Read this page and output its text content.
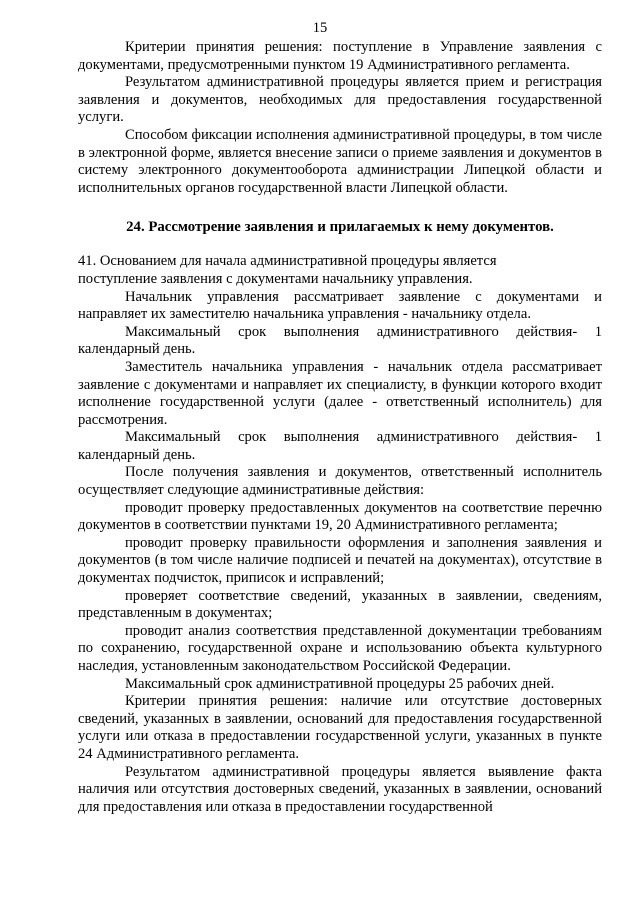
15

Критерии принятия решения: поступление в Управление заявления с документами, предусмотренными пунктом 19 Административного регламента.

Результатом административной процедуры является прием и регистрация заявления и документов, необходимых для предоставления государственной услуги.

Способом фиксации исполнения административной процедуры, в том числе в электронной форме, является внесение записи о приеме заявления и документов в систему электронного документооборота администрации Липецкой области и исполнительных органов государственной власти Липецкой области.

24. Рассмотрение заявления и прилагаемых к нему документов.

41. Основанием для начала административной процедуры является
поступление заявления с документами начальнику управления.

Начальник управления рассматривает заявление с документами и направляет их заместителю начальника управления - начальнику отдела.

Максимальный срок выполнения административного действия- 1 календарный день.

Заместитель начальника управления - начальник отдела рассматривает заявление с документами и направляет их специалисту, в функции которого входит исполнение государственной услуги (далее - ответственный исполнитель) для рассмотрения.

Максимальный срок выполнения административного действия- 1 календарный день.

После получения заявления и документов, ответственный исполнитель осуществляет следующие административные действия:

проводит проверку предоставленных документов на соответствие перечню документов в соответствии пунктами 19, 20 Административного регламента;

проводит проверку правильности оформления и заполнения заявления и документов (в том числе наличие подписей и печатей на документах), отсутствие в документах подчисток, приписок и исправлений;

проверяет соответствие сведений, указанных в заявлении, сведениям, представленным в документах;

проводит анализ соответствия представленной документации требованиям по сохранению, государственной охране и использованию объекта культурного наследия, установленным законодательством Российской Федерации.

Максимальный срок административной процедуры 25 рабочих дней.

Критерии принятия решения: наличие или отсутствие достоверных сведений, указанных в заявлении, оснований для предоставления государственной услуги или отказа в предоставлении государственной услуги, указанных в пункте 24 Административного регламента.

Результатом административной процедуры является выявление факта наличия или отсутствия достоверных сведений, указанных в заявлении, оснований для предоставления или отказа в предоставлении государственной
